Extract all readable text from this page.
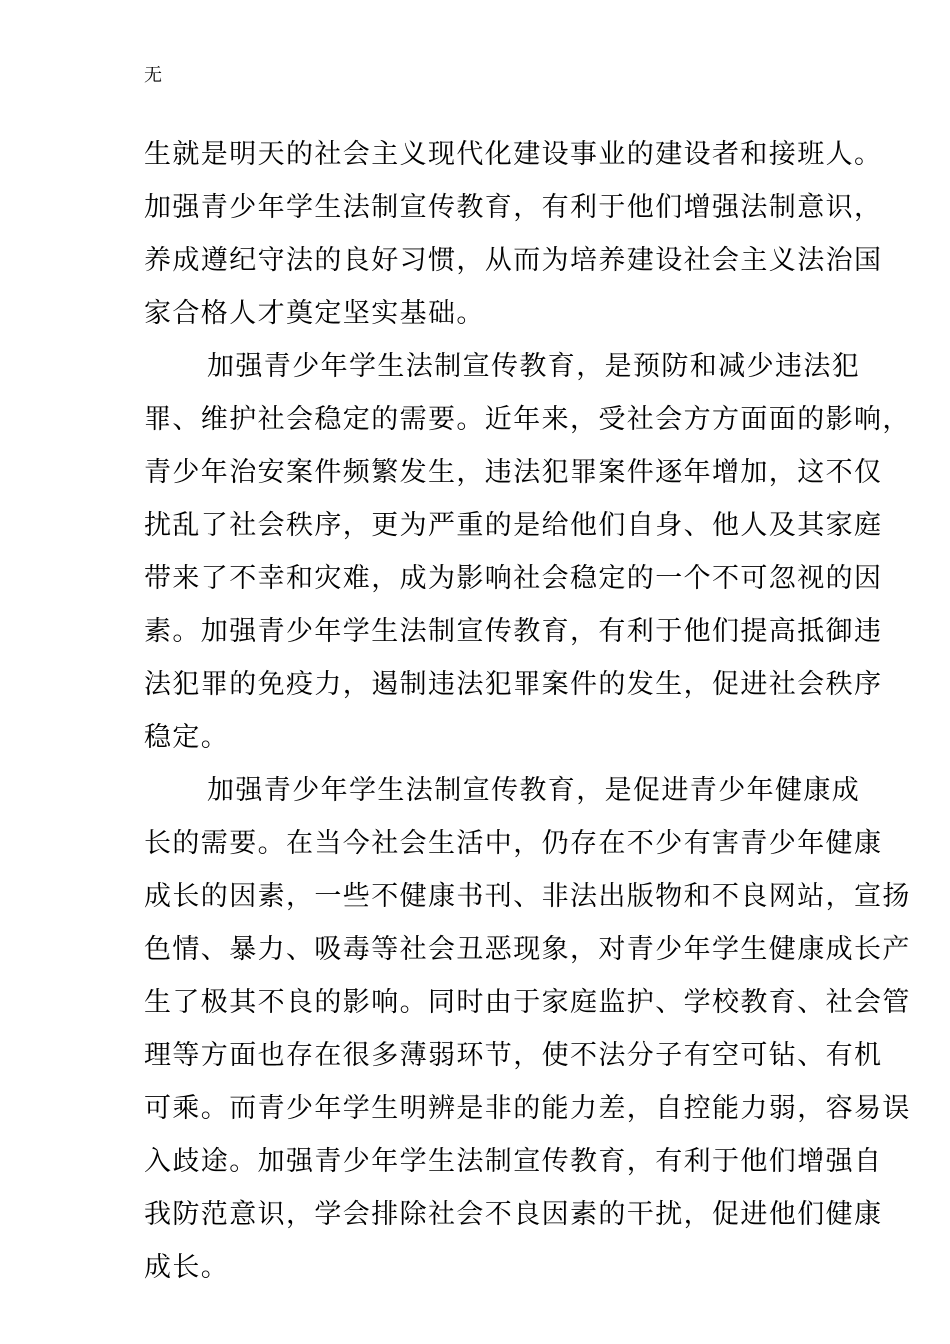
无

生就是明天的社会主义现代化建设事业的建设者和接班人。
加强青少年学生法制宣传教育，有利于他们增强法制意识，
养成遵纪守法的良好习惯，从而为培养建设社会主义法治国
家合格人才奠定坚实基础。

加强青少年学生法制宣传教育，是预防和减少违法犯
罪、维护社会稳定的需要。近年来，受社会方方面面的影响，
青少年治安案件频繁发生，违法犯罪案件逐年增加，这不仅
扰乱了社会秩序，更为严重的是给他们自身、他人及其家庭
带来了不幸和灾难，成为影响社会稳定的一个不可忽视的因
素。加强青少年学生法制宣传教育，有利于他们提高抵御违
法犯罪的免疫力，遏制违法犯罪案件的发生，促进社会秩序
稳定。

加强青少年学生法制宣传教育，是促进青少年健康成
长的需要。在当今社会生活中，仍存在不少有害青少年健康
成长的因素，一些不健康书刊、非法出版物和不良网站，宣扬
色情、暴力、吸毒等社会丑恶现象，对青少年学生健康成长产
生了极其不良的影响。同时由于家庭监护、学校教育、社会管
理等方面也存在很多薄弱环节，使不法分子有空可钻、有机
可乘。而青少年学生明辨是非的能力差，自控能力弱，容易误
入歧途。加强青少年学生法制宣传教育，有利于他们增强自
我防范意识，学会排除社会不良因素的干扰，促进他们健康
成长。
